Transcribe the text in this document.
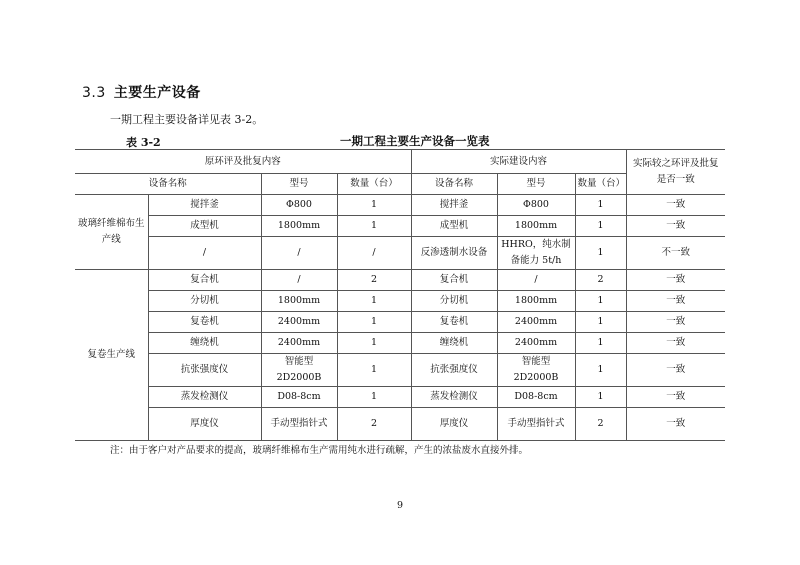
3.3 主要生产设备
一期工程主要设备详见表 3-2。
表 3-2	一期工程主要生产设备一览表
原环评及批复内容				实际建设内容			实际较之环评及批复是否一致
设备名称		型号	数量（台）	设备名称	型号	数量（台）	
玻璃纤维棉布生产线	搅拌釜	Φ800	1	搅拌釜	Φ800	1	一致
	成型机	1800mm	1	成型机	1800mm	1	一致
	/	/	/	反渗透制水设备	HHRO，纯水制备能力 5t/h	1	不一致
复卷生产线	复合机	/	2	复合机	/	2	一致
	分切机	1800mm	1	分切机	1800mm	1	一致
	复卷机	2400mm	1	复卷机	2400mm	1	一致
	缠绕机	2400mm	1	缠绕机	2400mm	1	一致
	抗张强度仪	智能型2D2000B	1	抗张强度仪	智能型2D2000B	1	一致
	蒸发检测仪	D08-8cm	1	蒸发检测仪	D08-8cm	1	一致
	厚度仪	手动型指针式	2	厚度仪	手动型指针式	2	一致
注：由于客户对产品要求的提高，玻璃纤维棉布生产需用纯水进行疏解，产生的浓盐废水直接外排。
9
